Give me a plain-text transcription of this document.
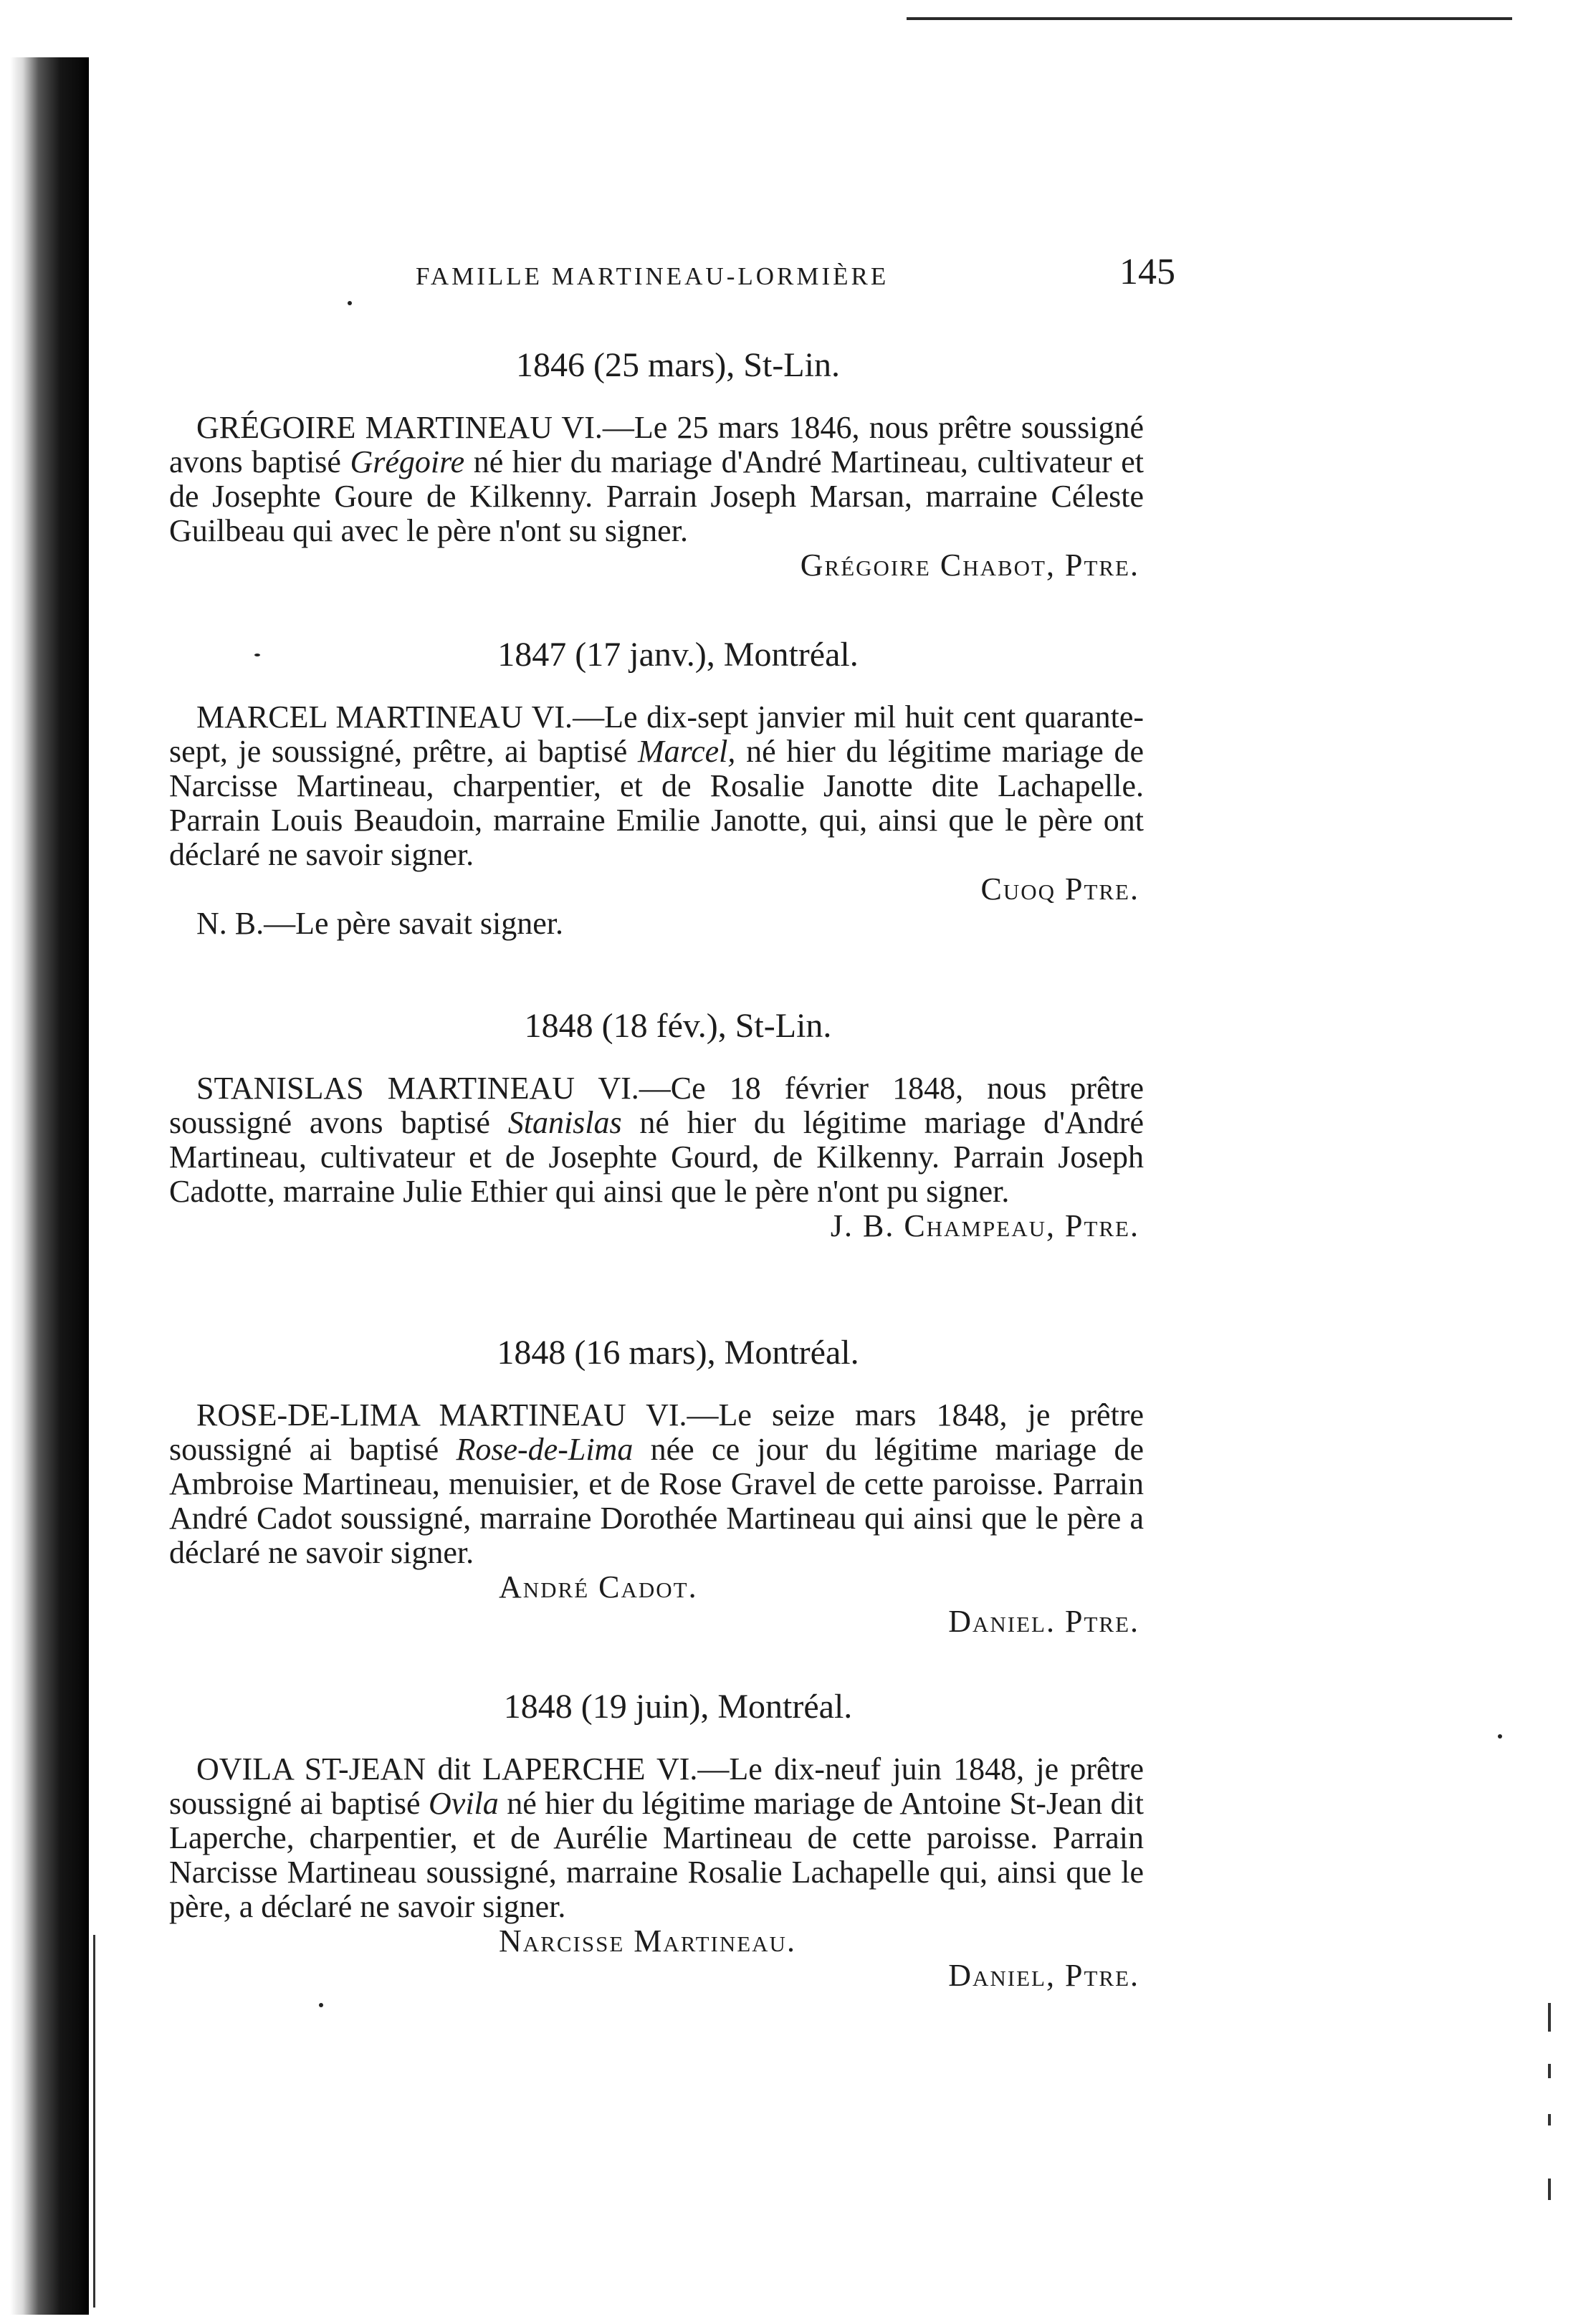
FAMILLE MARTINEAU-LORMIÈRE	145
1846 (25 mars), St-Lin.
GRÉGOIRE MARTINEAU VI.—Le 25 mars 1846, nous prêtre soussigné avons baptisé Grégoire né hier du mariage d'André Martineau, cultivateur et de Josephte Goure de Kilkenny. Parrain Joseph Marsan, marraine Céleste Guilbeau qui avec le père n'ont su signer.
Grégoire Chabot, Ptre.
1847 (17 janv.), Montréal.
MARCEL MARTINEAU VI.—Le dix-sept janvier mil huit cent quarante-sept, je soussigné, prêtre, ai baptisé Marcel, né hier du légitime mariage de Narcisse Martineau, charpentier, et de Rosalie Janotte dite Lachapelle. Parrain Louis Beaudoin, marraine Emilie Janotte, qui, ainsi que le père ont déclaré ne savoir signer.
Cuoq Ptre.
N. B.—Le père savait signer.
1848 (18 fév.), St-Lin.
STANISLAS MARTINEAU VI.—Ce 18 février 1848, nous prêtre soussigné avons baptisé Stanislas né hier du légitime mariage d'André Martineau, cultivateur et de Josephte Gourd, de Kilkenny. Parrain Joseph Cadotte, marraine Julie Ethier qui ainsi que le père n'ont pu signer.
J. B. Champeau, Ptre.
1848 (16 mars), Montréal.
ROSE-DE-LIMA MARTINEAU VI.—Le seize mars 1848, je prêtre soussigné ai baptisé Rose-de-Lima née ce jour du légitime mariage de Ambroise Martineau, menuisier, et de Rose Gravel de cette paroisse. Parrain André Cadot soussigné, marraine Dorothée Martineau qui ainsi que le père a déclaré ne savoir signer.
André Cadot.
Daniel. Ptre.
1848 (19 juin), Montréal.
OVILA ST-JEAN dit LAPERCHE VI.—Le dix-neuf juin 1848, je prêtre soussigné ai baptisé Ovila né hier du légitime mariage de Antoine St-Jean dit Laperche, charpentier, et de Aurélie Martineau de cette paroisse. Parrain Narcisse Martineau soussigné, marraine Rosalie Lachapelle qui, ainsi que le père, a déclaré ne savoir signer.
Narcisse Martineau.
Daniel, Ptre.
